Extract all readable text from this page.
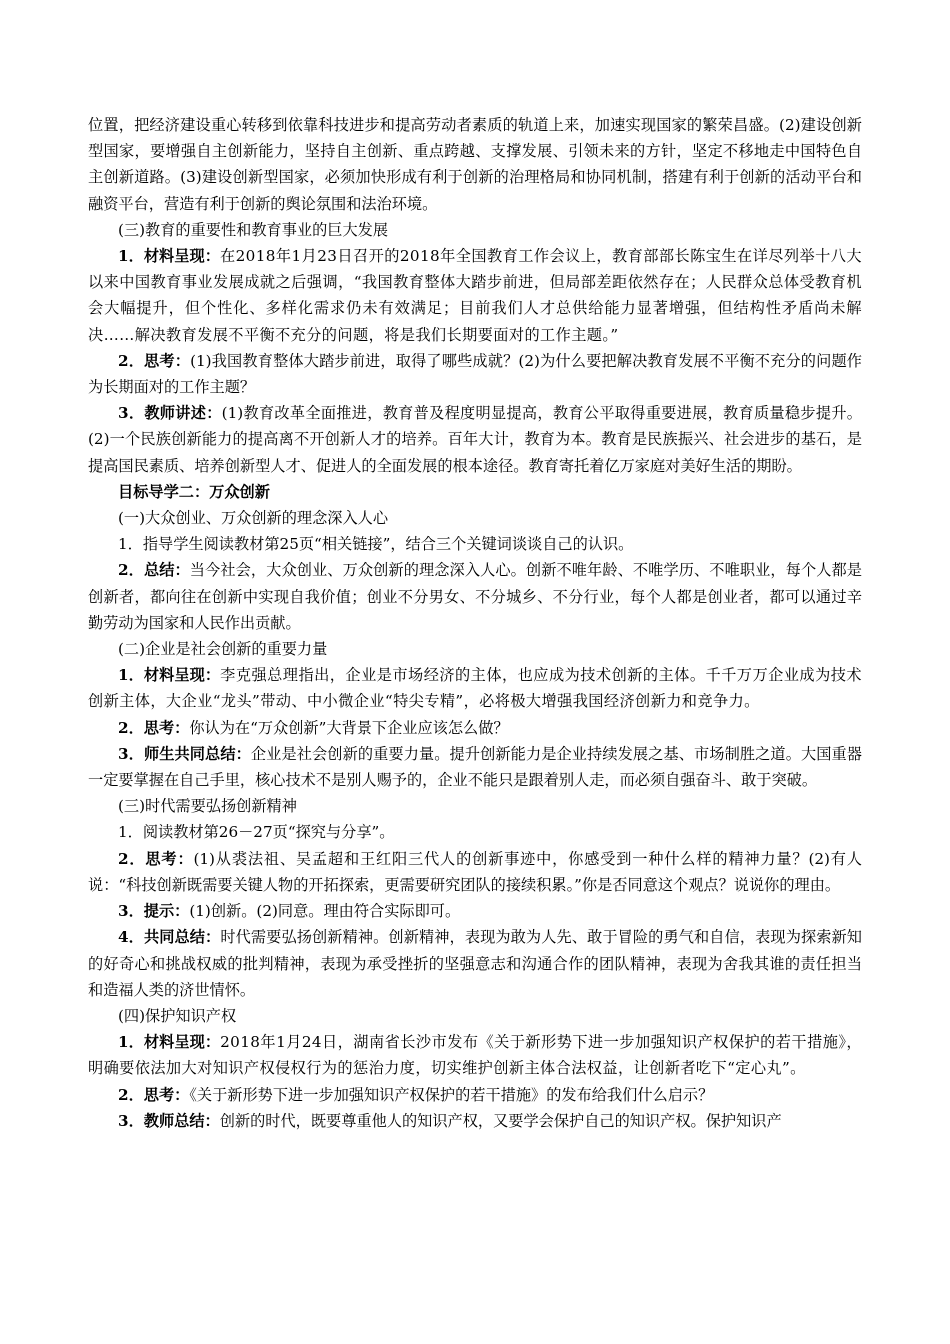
位置，把经济建设重心转移到依靠科技进步和提高劳动者素质的轨道上来，加速实现国家的繁荣昌盛。(2)建设创新型国家，要增强自主创新能力，坚持自主创新、重点跨越、支撑发展、引领未来的方针，坚定不移地走中国特色自主创新道路。(3)建设创新型国家，必须加快形成有利于创新的治理格局和协同机制，搭建有利于创新的活动平台和融资平台，营造有利于创新的舆论氛围和法治环境。

(三)教育的重要性和教育事业的巨大发展

1．材料呈现：在2018年1月23日召开的2018年全国教育工作会议上，教育部部长陈宝生在详尽列举十八大以来中国教育事业发展成就之后强调，“我国教育整体大踏步前进，但局部差距依然存在；人民群众总体受教育机会大幅提升，但个性化、多样化需求仍未有效满足；目前我们人才总供给能力显著增强，但结构性矛盾尚未解决……解决教育发展不平衡不充分的问题，将是我们长期要面对的工作主题。”

2．思考：(1)我国教育整体大踏步前进，取得了哪些成就？(2)为什么要把解决教育发展不平衡不充分的问题作为长期面对的工作主题？

3．教师讲述：(1)教育改革全面推进，教育普及程度明显提高，教育公平取得重要进展，教育质量稳步提升。(2)一个民族创新能力的提高离不开创新人才的培养。百年大计，教育为本。教育是民族振兴、社会进步的基石，是提高国民素质、培养创新型人才、促进人的全面发展的根本途径。教育寄托着亿万家庭对美好生活的期盼。

目标导学二：万众创新

(一)大众创业、万众创新的理念深入人心

1．指导学生阅读教材第25页“相关链接”，结合三个关键词谈谈自己的认识。

2．总结：当今社会，大众创业、万众创新的理念深入人心。创新不唯年龄、不唯学历、不唯职业，每个人都是创新者，都向往在创新中实现自我价值；创业不分男女、不分城乡、不分行业，每个人都是创业者，都可以通过辛勤劳动为国家和人民作出贡献。

(二)企业是社会创新的重要力量

1．材料呈现：李克强总理指出，企业是市场经济的主体，也应成为技术创新的主体。千千万万企业成为技术创新主体，大企业“龙头”带动、中小微企业“特尖专精”，必将极大增强我国经济创新力和竞争力。

2．思考：你认为在“万众创新”大背景下企业应该怎么做？

3．师生共同总结：企业是社会创新的重要力量。提升创新能力是企业持续发展之基、市场制胜之道。大国重器一定要掌握在自己手里，核心技术不是别人赐予的，企业不能只是跟着别人走，而必须自强奋斗、敢于突破。

(三)时代需要弘扬创新精神

1．阅读教材第26－27页“探究与分享”。

2．思考：(1)从裘法祖、吴孟超和王红阳三代人的创新事迹中，你感受到一种什么样的精神力量？(2)有人说：“科技创新既需要关键人物的开拓探索，更需要研究团队的接续积累。”你是否同意这个观点？说说你的理由。

3．提示：(1)创新。(2)同意。理由符合实际即可。

4．共同总结：时代需要弘扬创新精神。创新精神，表现为敢为人先、敢于冒险的勇气和自信，表现为探索新知的好奇心和挑战权威的批判精神，表现为承受挫折的坚强意志和沟通合作的团队精神，表现为舍我其谁的责任担当和造福人类的济世情怀。

(四)保护知识产权

1．材料呈现：2018年1月24日，湖南省长沙市发布《关于新形势下进一步加强知识产权保护的若干措施》，明确要依法加大对知识产权侵权行为的惩治力度，切实维护创新主体合法权益，让创新者吃下“定心丸”。

2．思考：《关于新形势下进一步加强知识产权保护的若干措施》的发布给我们什么启示？

3．教师总结：创新的时代，既要尊重他人的知识产权，又要学会保护自己的知识产权。保护知识产
